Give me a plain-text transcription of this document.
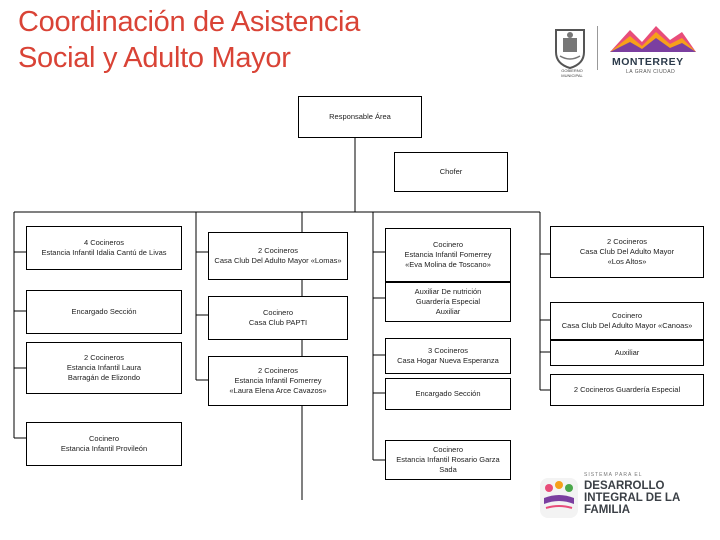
Coordinación de Asistencia
Social y Adulto Mayor	GOBIERNO MUNICIPAL
MONTERREY
LA GRAN CIUDAD
Responsable Área
Chofer
4 Cocineros
Estancia Infantil Idalia Cantú de Livas
Encargado Sección
2 Cocineros
Estancia Infantil Laura
Barragán de Elizondo
Cocinero
Estancia Infantil Provileón
2 Cocineros
Casa Club Del Adulto Mayor «Lomas»
Cocinero
Casa Club PAPTI
2 Cocineros
Estancia Infantil Fomerrey
«Laura Elena Arce Cavazos»
Cocinero
Estancia Infantil Fomerrey
«Eva Molina de Toscano»
Auxiliar De nutrición
Guardería Especial
Auxiliar
3 Cocineros
Casa Hogar Nueva Esperanza
Encargado Sección
Cocinero
Estancia Infantil Rosario Garza Sada
2 Cocineros
Casa Club Del Adulto Mayor
«Los Altos»
Cocinero
Casa Club Del Adulto Mayor «Canoas»
Auxiliar
2 Cocineros Guardería Especial
SISTEMA PARA EL
DESARROLLO
INTEGRAL DE LA
FAMILIA
